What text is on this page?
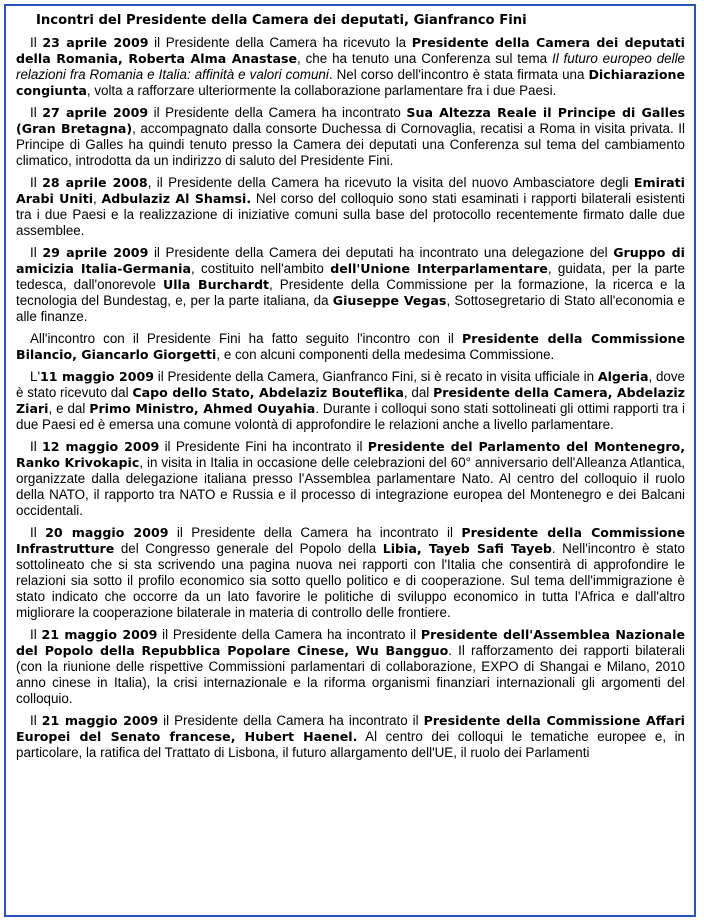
Incontri del Presidente della Camera dei deputati, Gianfranco Fini

Il 23 aprile 2009 il Presidente della Camera ha ricevuto la Presidente della Camera dei deputati della Romania, Roberta Alma Anastase, che ha tenuto una Conferenza sul tema Il futuro europeo delle relazioni fra Romania e Italia: affinità e valori comuni. Nel corso dell'incontro è stata firmata una Dichiarazione congiunta, volta a rafforzare ulteriormente la collaborazione parlamentare fra i due Paesi.

Il 27 aprile 2009 il Presidente della Camera ha incontrato Sua Altezza Reale il Principe di Galles (Gran Bretagna), accompagnato dalla consorte Duchessa di Cornovaglia, recatisi a Roma in visita privata. Il Principe di Galles ha quindi tenuto presso la Camera dei deputati una Conferenza sul tema del cambiamento climatico, introdotta da un indirizzo di saluto del Presidente Fini.

Il 28 aprile 2008, il Presidente della Camera ha ricevuto la visita del nuovo Ambasciatore degli Emirati Arabi Uniti, Adbulaziz Al Shamsi. Nel corso del colloquio sono stati esaminati i rapporti bilaterali esistenti tra i due Paesi e la realizzazione di iniziative comuni sulla base del protocollo recentemente firmato dalle due assemblee.

Il 29 aprile 2009 il Presidente della Camera dei deputati ha incontrato una delegazione del Gruppo di amicizia Italia-Germania, costituito nell'ambito dell'Unione Interparlamentare, guidata, per la parte tedesca, dall'onorevole Ulla Burchardt, Presidente della Commissione per la formazione, la ricerca e la tecnologia del Bundestag, e, per la parte italiana, da Giuseppe Vegas, Sottosegretario di Stato all'economia e alle finanze.

All'incontro con il Presidente Fini ha fatto seguito l'incontro con il Presidente della Commissione Bilancio, Giancarlo Giorgetti, e con alcuni componenti della medesima Commissione.

L'11 maggio 2009 il Presidente della Camera, Gianfranco Fini, si è recato in visita ufficiale in Algeria, dove è stato ricevuto dal Capo dello Stato, Abdelaziz Bouteflika, dal Presidente della Camera, Abdelaziz Ziari, e dal Primo Ministro, Ahmed Ouyahia. Durante i colloqui sono stati sottolineati gli ottimi rapporti tra i due Paesi ed è emersa una comune volontà di approfondire le relazioni anche a livello parlamentare.

Il 12 maggio 2009 il Presidente Fini ha incontrato il Presidente del Parlamento del Montenegro, Ranko Krivokapic, in visita in Italia in occasione delle celebrazioni del 60° anniversario dell'Alleanza Atlantica, organizzate dalla delegazione italiana presso l'Assemblea parlamentare Nato. Al centro del colloquio il ruolo della NATO, il rapporto tra NATO e Russia e il processo di integrazione europea del Montenegro e dei Balcani occidentali.

Il 20 maggio 2009 il Presidente della Camera ha incontrato il Presidente della Commissione Infrastrutture del Congresso generale del Popolo della Libia, Tayeb Safi Tayeb. Nell'incontro è stato sottolineato che si sta scrivendo una pagina nuova nei rapporti con l'Italia che consentirà di approfondire le relazioni sia sotto il profilo economico sia sotto quello politico e di cooperazione. Sul tema dell'immigrazione è stato indicato che occorre da un lato favorire le politiche di sviluppo economico in tutta l'Africa e dall'altro migliorare la cooperazione bilaterale in materia di controllo delle frontiere.

Il 21 maggio 2009 il Presidente della Camera ha incontrato il Presidente dell'Assemblea Nazionale del Popolo della Repubblica Popolare Cinese, Wu Bangguo. Il rafforzamento dei rapporti bilaterali (con la riunione delle rispettive Commissioni parlamentari di collaborazione, EXPO di Shangai e Milano, 2010 anno cinese in Italia), la crisi internazionale e la riforma organismi finanziari internazionali gli argomenti del colloquio.

Il 21 maggio 2009 il Presidente della Camera ha incontrato il Presidente della Commissione Affari Europei del Senato francese, Hubert Haenel. Al centro dei colloqui le tematiche europee e, in particolare, la ratifica del Trattato di Lisbona, il futuro allargamento dell'UE, il ruolo dei Parlamenti
